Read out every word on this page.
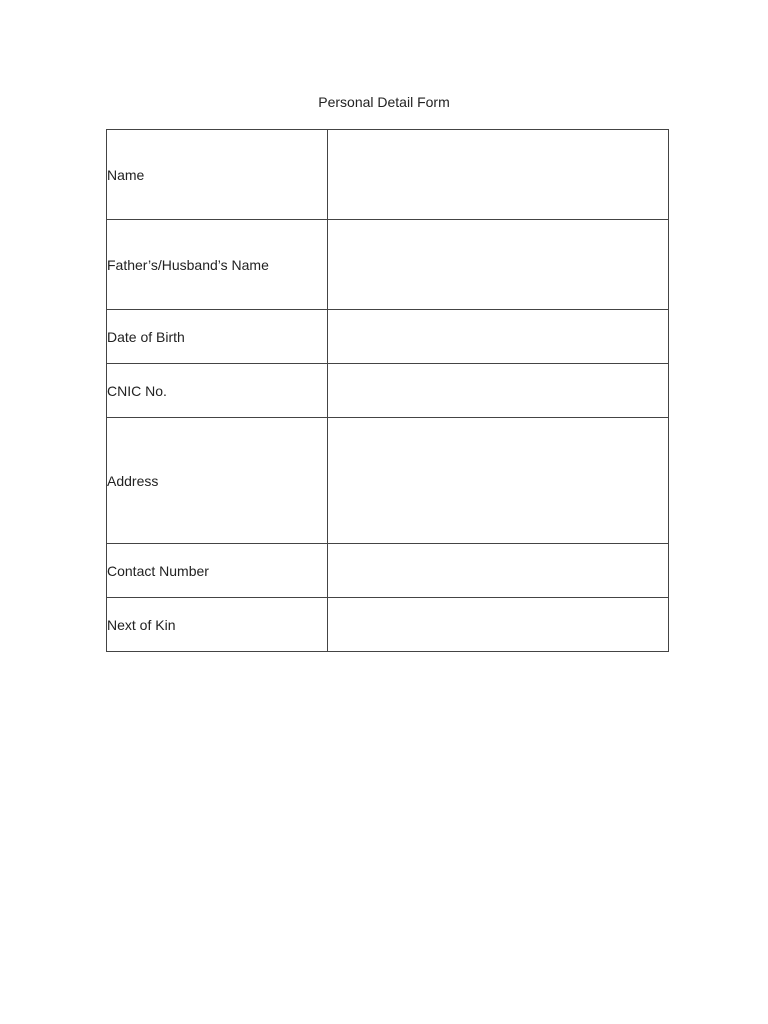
Personal Detail Form
Name	
Father’s/Husband’s Name	
Date of Birth	
CNIC No.	
Address	
Contact Number	
Next of Kin	
